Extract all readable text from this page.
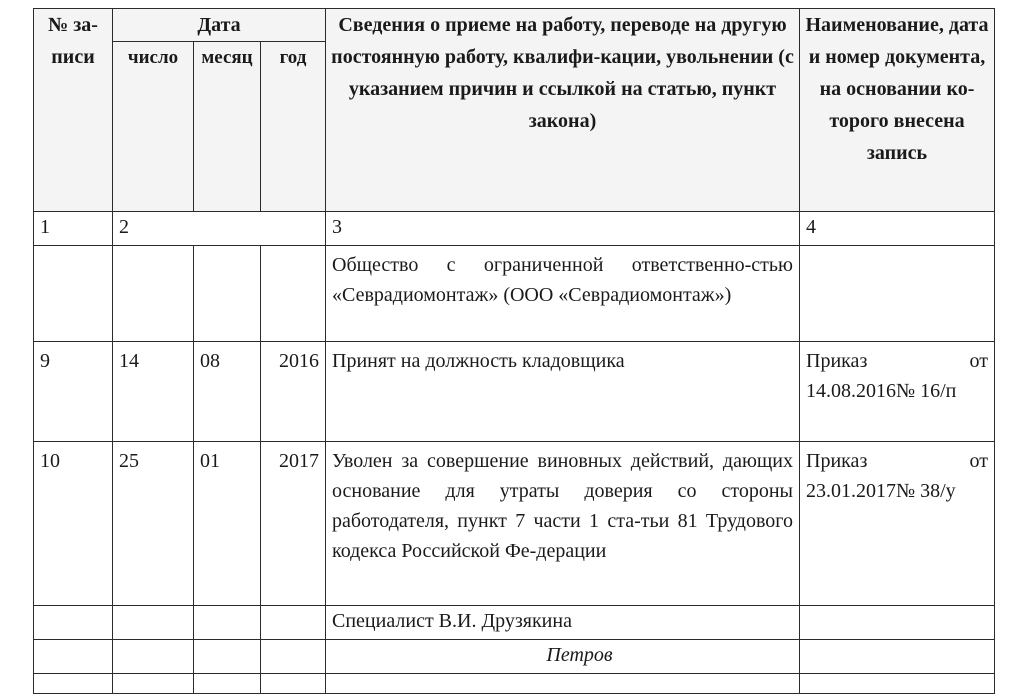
№ за-писи	Дата			Сведения о приеме на работу, переводе на другую постоянную работу, квалифи-кации, увольнении (с указанием причин и ссылкой на статью, пункт закона)	Наименование, дата и номер документа, на основании ко-торого внесена запись
	число	месяц	год		
1	2			3	4
				Общество с ограниченной ответственно-стью «Севрадиомонтаж» (ООО «Севрадиомонтаж»)	
9	14	08	2016	Принят на должность кладовщика	Приказ от
14.08.2016№ 16/п

10	25	01	2017	Уволен за совершение виновных действий, дающих основание для утраты доверия со стороны работодателя, пункт 7 части 1 ста-тьи 81 Трудового кодекса Российской Фе-дерации	Приказ от
23.01.2017№ 38/у

				Специалист В.И. Друзякина	
				Петров	
